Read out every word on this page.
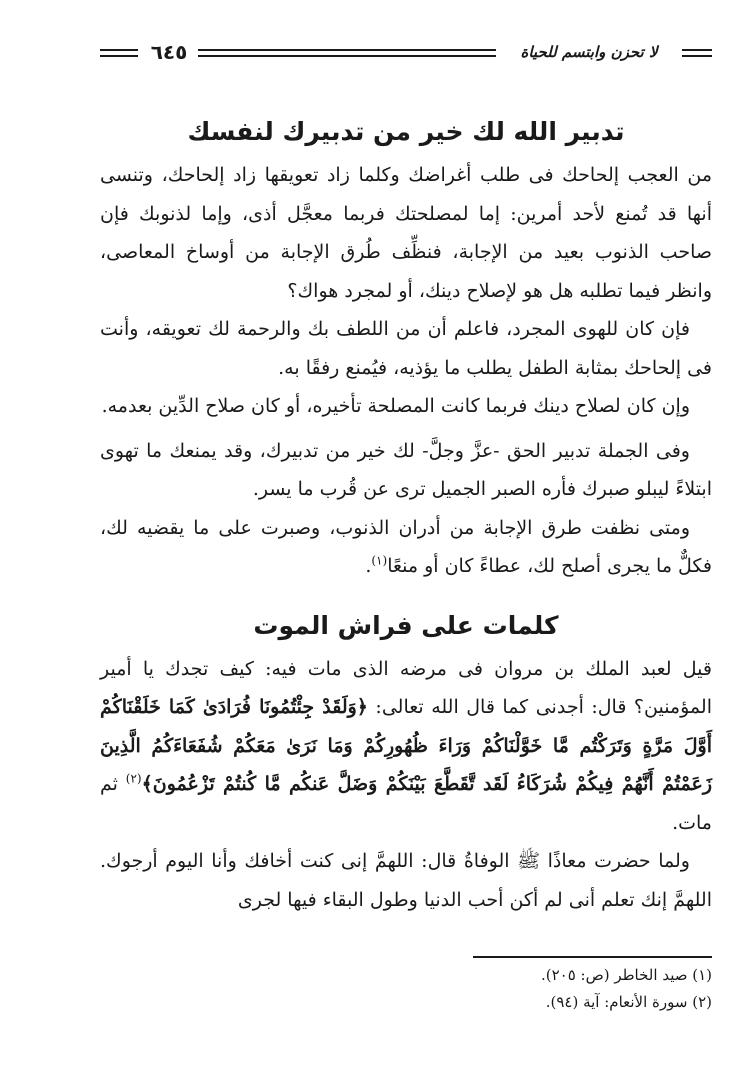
٦٤٥	لا تحزن وابتسم للحياة
تدبير الله لك خير من تدبيرك لنفسك

من العجب إلحاحك فى طلب أغراضك وكلما زاد تعويقها زاد إلحاحك، وتنسى أنها قد تُمنع لأحد أمرين: إما لمصلحتك فربما معجَّل أذى، وإما لذنوبك فإن صاحب الذنوب بعيد من الإجابة، فنظِّف طُرق الإجابة من أوساخ المعاصى، وانظر فيما تطلبه هل هو لإصلاح دينك، أو لمجرد هواك؟

فإن كان للهوى المجرد، فاعلم أن من اللطف بك والرحمة لك تعويقه، وأنت فى إلحاحك بمثابة الطفل يطلب ما يؤذيه، فيُمنع رفقًا به.

وإن كان لصلاح دينك فربما كانت المصلحة تأخيره، أو كان صلاح الدِّين بعدمه.

وفى الجملة تدبير الحق -عزَّ وجلَّ- لك خير من تدبيرك، وقد يمنعك ما تهوى ابتلاءً ليبلو صبرك فأره الصبر الجميل ترى عن قُرب ما يسر.

ومتى نظفت طرق الإجابة من أدران الذنوب، وصبرت على ما يقضيه لك، فكلٌّ ما يجرى أصلح لك، عطاءً كان أو منعًا$^{(١)}$.

كلمات على فراش الموت

قيل لعبد الملك بن مروان فى مرضه الذى مات فيه: كيف تجدك يا أمير المؤمنين؟ قال: أجدنى كما قال الله تعالى: ﴿وَلَقَدْ جِئْتُمُونَا فُرَادَىٰ كَمَا خَلَقْنَاكُمْ أَوَّلَ مَرَّةٍ وَتَرَكْتُم مَّا خَوَّلْنَاكُمْ وَرَاءَ ظُهُورِكُمْ وَمَا نَرَىٰ مَعَكُمْ شُفَعَاءَكُمُ الَّذِينَ زَعَمْتُمْ أَنَّهُمْ فِيكُمْ شُرَكَاءُ لَقَد تَّقَطَّعَ بَيْنَكُمْ وَضَلَّ عَنكُم مَّا كُنتُمْ تَزْعُمُونَ﴾$^{(٢)}$ ثم مات.

ولما حضرت معاذًا ﷺ الوفاةُ قال: اللهمَّ إنى كنت أخافك وأنا اليوم أرجوك. اللهمَّ إنك تعلم أنى لم أكن أحب الدنيا وطول البقاء فيها لجرى

(١) صيد الخاطر (ص: ٢٠٥).

(٢) سورة الأنعام: آية (٩٤).
